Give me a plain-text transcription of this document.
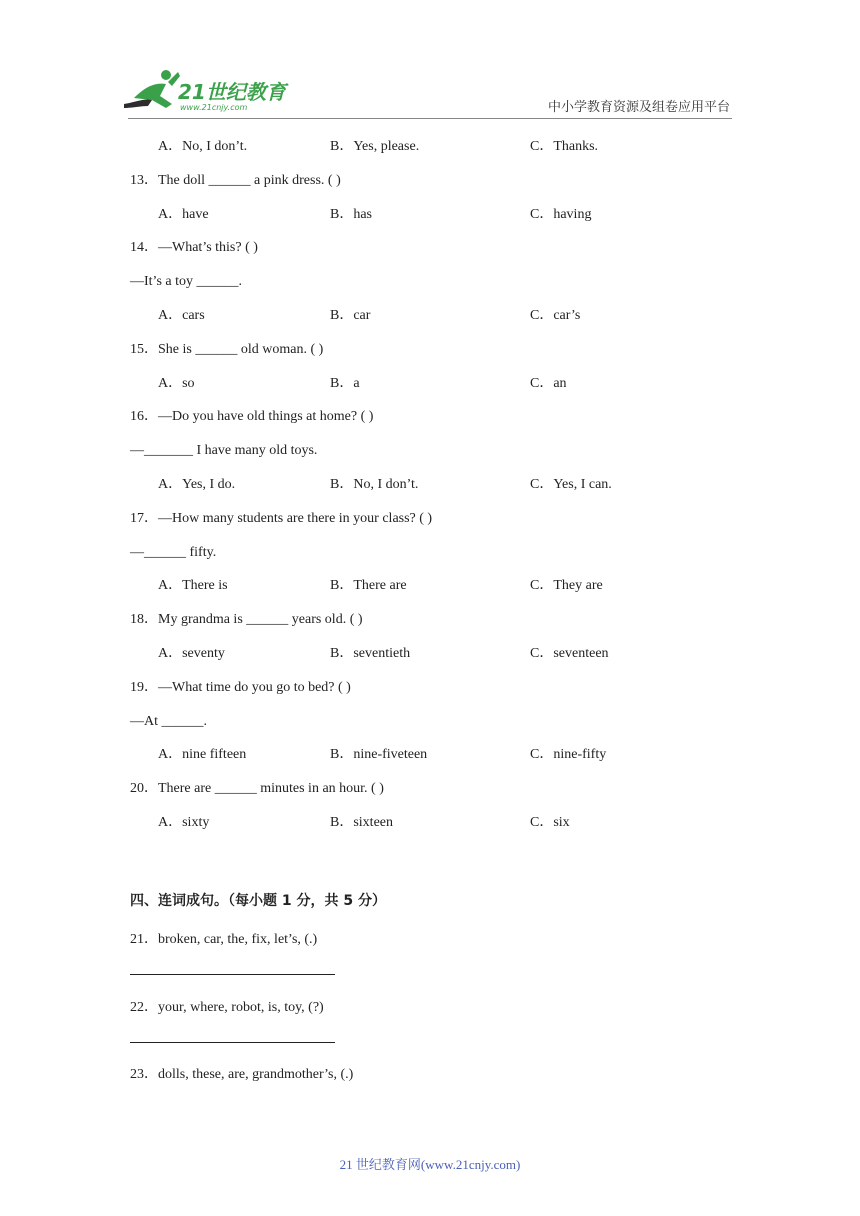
21世纪教育
www.21cnjy.com	中小学教育资源及组卷应用平台
A．No, I don’t.	B．Yes, please.	C．Thanks.
13．The doll ______ a pink dress. ( )
A．have	B．has	C．having
14．—What’s this? ( )
—It’s a toy ______.
A．cars	B．car	C．car’s
15．She is ______ old woman. ( )
A．so	B．a	C．an
16．—Do you have old things at home? ( )
—_______ I have many old toys.
A．Yes, I do.	B．No, I don’t.	C．Yes, I can.
17．—How many students are there in your class? ( )
—______ fifty.
A．There is	B．There are	C．They are
18．My grandma is ______ years old. ( )
A．seventy	B．seventieth	C．seventeen
19．—What time do you go to bed? ( )
—At ______.
A．nine fifteen	B．nine-fiveteen	C．nine-fifty
20．There are ______ minutes in an hour. ( )
A．sixty	B．sixteen	C．six
四、连词成句。（每小题 1 分，共 5 分）
21．broken, car, the, fix, let’s, (.)
22．your, where, robot, is, toy, (?)
23．dolls, these, are, grandmother’s, (.)
21 世纪教育网(www.21cnjy.com)
